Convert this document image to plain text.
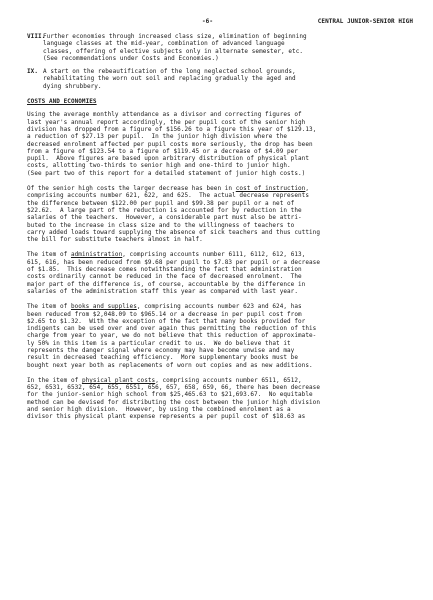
-6-	CENTRAL JUNIOR-SENIOR HIGH
VIII.
Further economies through increased class size, elimination of beginning
language classes at the mid-year, combination of advanced language
classes, offering of elective subjects only in alternate semester, etc.
(See recommendations under Costs and Economies.)
IX. A start on the rebeautification of the long neglected school grounds,
rehabilitating the worn out soil and replacing gradually the aged and
dying shrubbery.
COSTS AND ECONOMIES
Using the average monthly attendance as a divisor and correcting figures of
last year's annual report accordingly, the per pupil cost of the senior high
division has dropped from a figure of $156.26 to a figure this year of $129.13,
a reduction of $27.13 per pupil.  In the junior high division where the
decreased enrolment affected per pupil costs more seriously, the drop has been
from a figure of $123.54 to a figure of $119.45 or a decrease of $4.09 per
pupil.  Above figures are based upon arbitrary distribution of physical plant
costs, allotting two-thirds to senior high and one-third to junior high.
(See part two of this report for a detailed statement of junior high costs.)
Of the senior high costs the larger decrease has been in cost of instruction,
comprising accounts number 621, 622, and 625.  The actual decrease represents
the difference between $122.00 per pupil and $99.38 per pupil or a net of
$22.62.  A large part of the reduction is accounted for by reduction in the
salaries of the teachers.  However, a considerable part must also be attri-
buted to the increase in class size and to the willingness of teachers to
carry added loads toward supplying the absence of sick teachers and thus cutting
the bill for substitute teachers almost in half.
The item of administration, comprising accounts number 6111, 6112, 612, 613,
615, 616, has been reduced from $9.68 per pupil to $7.83 per pupil or a decrease
of $1.85.  This decrease comes notwithstanding the fact that administration
costs ordinarily cannot be reduced in the face of decreased enrolment.  The
major part of the difference is, of course, accountable by the difference in
salaries of the administration staff this year as compared with last year.
The item of books and supplies, comprising accounts number 623 and 624, has
been reduced from $2,048.09 to $965.14 or a decrease in per pupil cost from
$2.65 to $1.32.  With the exception of the fact that many books provided for
indigents can be used over and over again thus permitting the reduction of this
charge from year to year, we do not believe that this reduction of approximate-
ly 50% in this item is a particular credit to us.  We do believe that it
represents the danger signal where economy may have become unwise and may
result in decreased teaching efficiency.  More supplementary books must be
bought next year both as replacements of worn out copies and as new additions.
In the item of physical plant costs, comprising accounts number 6511, 6512,
652, 6531, 6532, 654, 655, 6551, 656, 657, 658, 659, 66, there has been decrease
for the junior-senior high school from $25,465.63 to $21,693.67.  No equitable
method can be devised for distributing the cost between the junior high division
and senior high division.  However, by using the combined enrolment as a
divisor this physical plant expense represents a per pupil cost of $18.63 as
